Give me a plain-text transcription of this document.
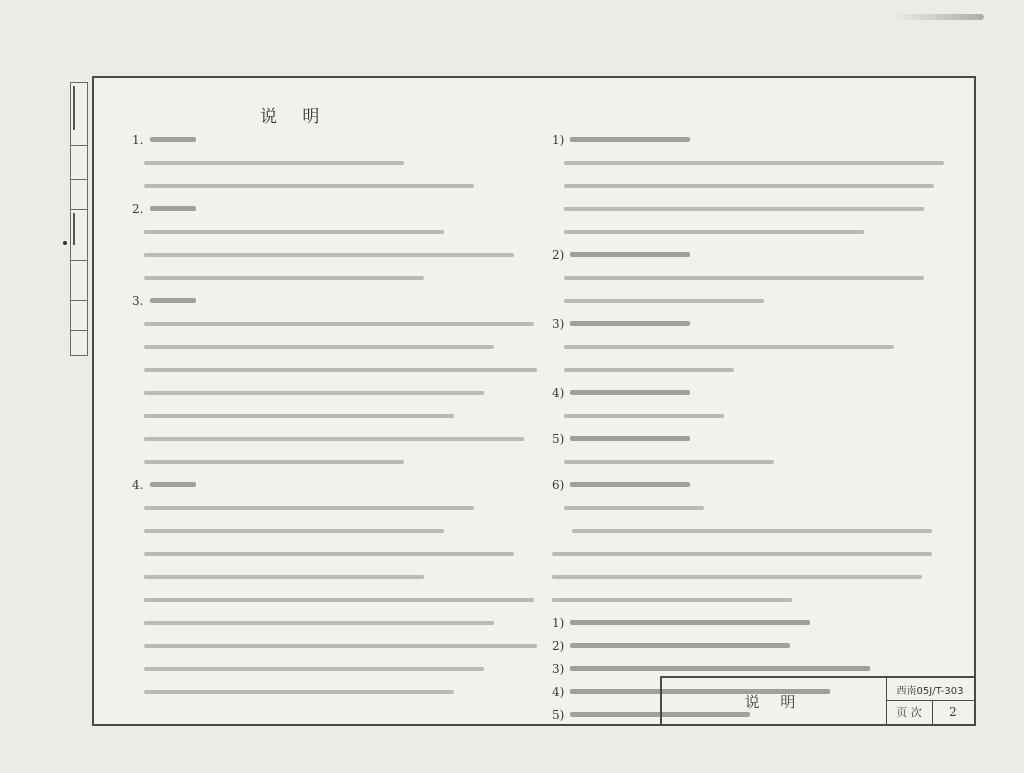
说 明
1.
2.
3.
4.
1)
2)
3)
4)
5)
6)
1)
2)
3)
4)
5)
说 明
西南05J/T-303
页 次	2
